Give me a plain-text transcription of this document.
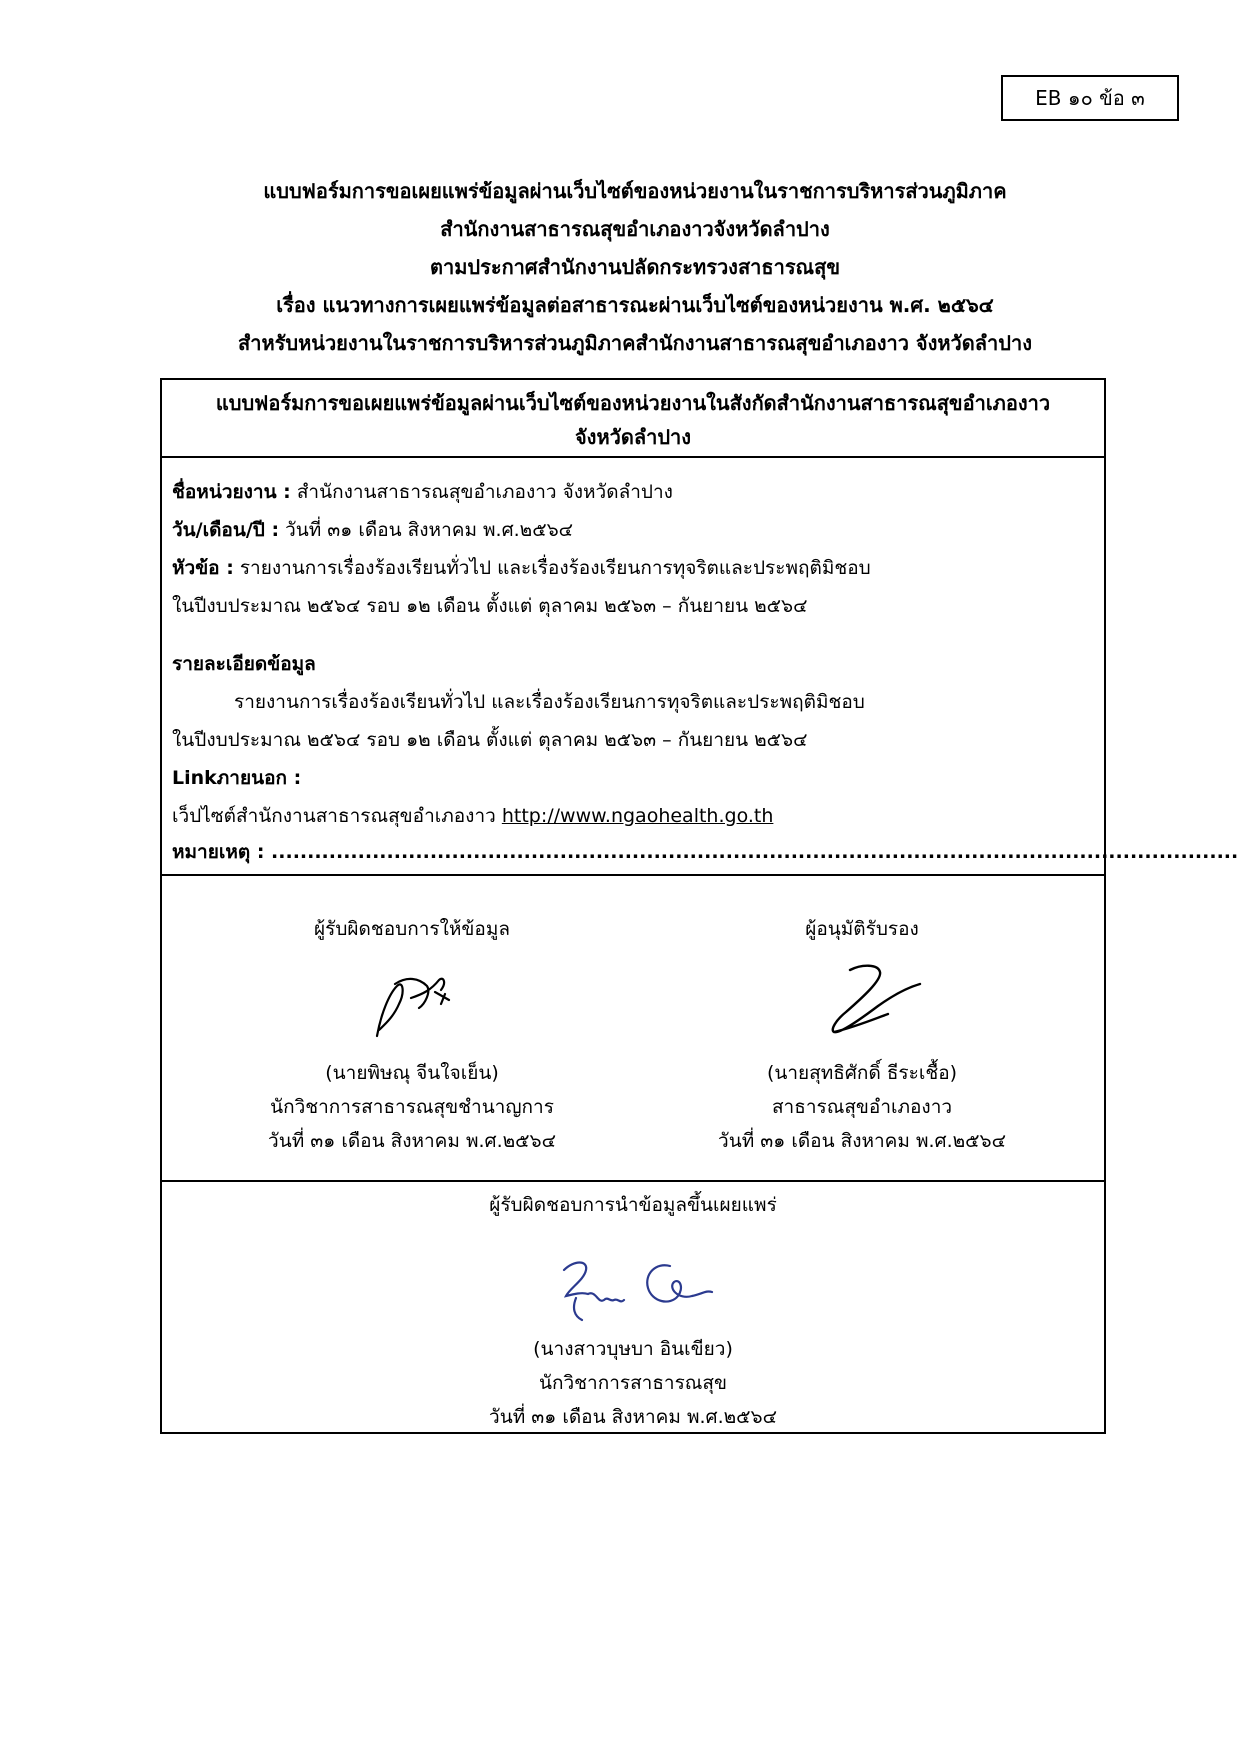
EB ๑๐ ข้อ ๓
แบบฟอร์มการขอเผยแพร่ข้อมูลผ่านเว็บไซต์ของหน่วยงานในราชการบริหารส่วนภูมิภาค
สำนักงานสาธารณสุขอำเภองาวจังหวัดลำปาง
ตามประกาศสำนักงานปลัดกระทรวงสาธารณสุข
เรื่อง แนวทางการเผยแพร่ข้อมูลต่อสาธารณะผ่านเว็บไซต์ของหน่วยงาน พ.ศ. ๒๕๖๔
สำหรับหน่วยงานในราชการบริหารส่วนภูมิภาคสำนักงานสาธารณสุขอำเภองาว จังหวัดลำปาง
แบบฟอร์มการขอเผยแพร่ข้อมูลผ่านเว็บไซต์ของหน่วยงานในสังกัดสำนักงานสาธารณสุขอำเภองาว
จังหวัดลำปาง
ชื่อหน่วยงาน : สำนักงานสาธารณสุขอำเภองาว จังหวัดลำปาง
วัน/เดือน/ปี : วันที่ ๓๑ เดือน สิงหาคม พ.ศ.๒๕๖๔
หัวข้อ : รายงานการเรื่องร้องเรียนทั่วไป และเรื่องร้องเรียนการทุจริตและประพฤติมิชอบ
ในปีงบประมาณ ๒๕๖๔ รอบ ๑๒ เดือน ตั้งแต่ ตุลาคม ๒๕๖๓ – กันยายน ๒๕๖๔
รายละเอียดข้อมูล
รายงานการเรื่องร้องเรียนทั่วไป และเรื่องร้องเรียนการทุจริตและประพฤติมิชอบ
ในปีงบประมาณ ๒๕๖๔ รอบ ๑๒ เดือน ตั้งแต่ ตุลาคม ๒๕๖๓ – กันยายน ๒๕๖๔
Linkภายนอก :
เว็ปไซต์สำนักงานสาธารณสุขอำเภองาว http://www.ngaohealth.go.th
หมายเหตุ : ......................................................................................................................................
ผู้รับผิดชอบการให้ข้อมูล
(นายพิษณุ จีนใจเย็น)
นักวิชาการสาธารณสุขชำนาญการ
วันที่ ๓๑ เดือน สิงหาคม พ.ศ.๒๕๖๔
ผู้อนุมัติรับรอง
(นายสุทธิศักดิ์ ธีระเชื้อ)
สาธารณสุขอำเภองาว
วันที่ ๓๑ เดือน สิงหาคม พ.ศ.๒๕๖๔
ผู้รับผิดชอบการนำข้อมูลขึ้นเผยแพร่
(นางสาวบุษบา อินเขียว)
นักวิชาการสาธารณสุข
วันที่ ๓๑ เดือน สิงหาคม พ.ศ.๒๕๖๔
